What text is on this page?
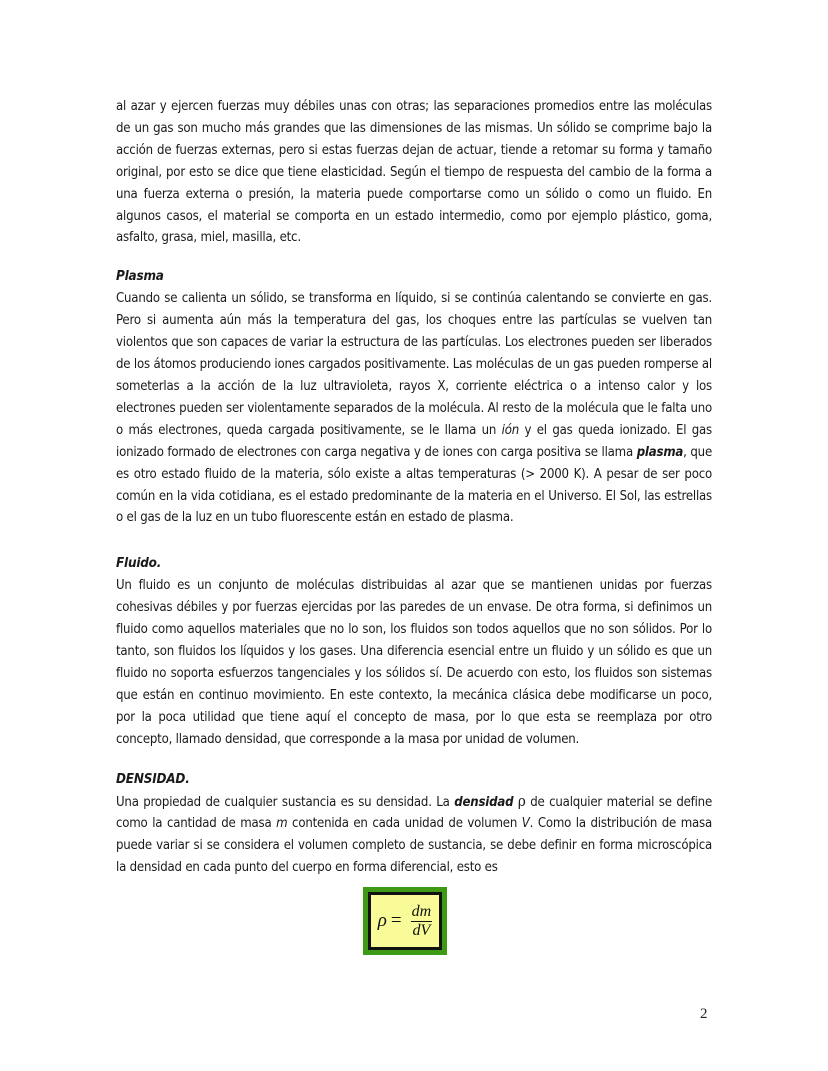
al azar y ejercen fuerzas muy débiles unas con otras; las separaciones promedios entre las moléculas de un gas son mucho más grandes que las dimensiones de las mismas. Un sólido se comprime bajo la acción de fuerzas externas, pero si estas fuerzas dejan de actuar, tiende a retomar su forma y tamaño original, por esto se dice que tiene elasticidad. Según el tiempo de respuesta del cambio de la forma a una fuerza externa o presión, la materia puede comportarse como un sólido o como un fluido. En algunos casos, el material se comporta en un estado intermedio, como por ejemplo plástico, goma, asfalto, grasa, miel, masilla, etc.

Plasma

Cuando se calienta un sólido, se transforma en líquido, si se continúa calentando se convierte en gas. Pero si aumenta aún más la temperatura del gas, los choques entre las partículas se vuelven tan violentos que son capaces de variar la estructura de las partículas. Los electrones pueden ser liberados de los átomos produciendo iones cargados positivamente. Las moléculas de un gas pueden romperse al someterlas a la acción de la luz ultravioleta, rayos X, corriente eléctrica o a intenso calor y los electrones pueden ser violentamente separados de la molécula. Al resto de la molécula que le falta uno o más electrones, queda cargada positivamente, se le llama un ión y el gas queda ionizado. El gas ionizado formado de electrones con carga negativa y de iones con carga positiva se llama plasma, que es otro estado fluido de la materia, sólo existe a altas temperaturas (> 2000 K). A pesar de ser poco común en la vida cotidiana, es el estado predominante de la materia en el Universo. El Sol, las estrellas o el gas de la luz en un tubo fluorescente están en estado de plasma.

Fluido.

Un fluido es un conjunto de moléculas distribuidas al azar que se mantienen unidas por fuerzas cohesivas débiles y por fuerzas ejercidas por las paredes de un envase. De otra forma, si definimos un fluido como aquellos materiales que no lo son, los fluidos son todos aquellos que no son sólidos. Por lo tanto, son fluidos los líquidos y los gases. Una diferencia esencial entre un fluido y un sólido es que un fluido no soporta esfuerzos tangenciales y los sólidos sí. De acuerdo con esto, los fluidos son sistemas que están en continuo movimiento. En este contexto, la mecánica clásica debe modificarse un poco, por la poca utilidad que tiene aquí el concepto de masa, por lo que esta se reemplaza por otro concepto, llamado densidad, que corresponde a la masa por unidad de volumen.

DENSIDAD.

Una propiedad de cualquier sustancia es su densidad. La densidad ρ de cualquier material se define como la cantidad de masa m contenida en cada unidad de volumen V. Como la distribución de masa puede variar si se considera el volumen completo de sustancia, se debe definir en forma microscópica la densidad en cada punto del cuerpo en forma diferencial, esto es

$\rho = \frac{dm}{dV}$
2
